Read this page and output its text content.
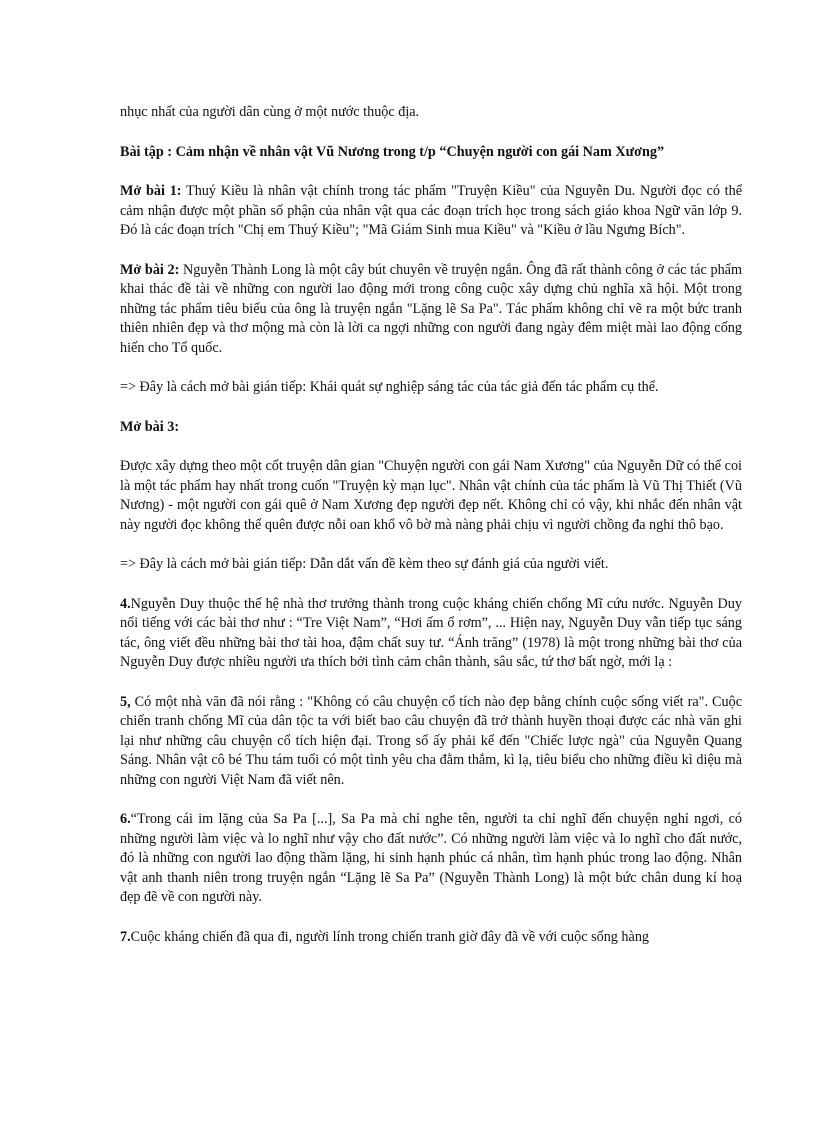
nhục nhất của người dân cùng ở một nước thuộc địa.

Bài tập : Cảm nhận về nhân vật Vũ Nương trong t/p “Chuyện người con gái Nam Xương”

Mở bài 1: Thuý Kiều là nhân vật chính trong tác phẩm "Truyện Kiều" của Nguyễn Du. Người đọc có thể cảm nhận được một phần số phận của nhân vật qua các đoạn trích học trong sách giáo khoa Ngữ văn lớp 9. Đó là các đoạn trích "Chị em Thuý Kiều"; "Mã Giám Sinh mua Kiều" và "Kiều ở lầu Ngưng Bích".

Mở bài 2: Nguyễn Thành Long là một cây bút chuyên về truyện ngắn. Ông đã rất thành công ở các tác phẩm khai thác đề tài về những con người lao động mới trong công cuộc xây dựng chủ nghĩa xã hội. Một trong những tác phẩm tiêu biểu của ông là truyện ngắn "Lặng lẽ Sa Pa". Tác phẩm không chỉ vẽ ra một bức tranh thiên nhiên đẹp và thơ mộng mà còn là lời ca ngợi những con người đang ngày đêm miệt mài lao động cống hiến cho Tổ quốc.

=> Đây là cách mở bài gián tiếp: Khái quát sự nghiệp sáng tác của tác giả đến tác phẩm cụ thể.

Mở bài 3:

Được xây dựng theo một cốt truyện dân gian "Chuyện người con gái Nam Xương" của Nguyễn Dữ có thể coi là một tác phẩm hay nhất trong cuốn "Truyện kỳ mạn lục". Nhân vật chính của tác phẩm là Vũ Thị Thiết (Vũ Nương) - một người con gái quê ở Nam Xương đẹp người đẹp nết. Không chỉ có vậy, khi nhắc đến nhân vật này người đọc không thể quên được nỗi oan khổ vô bờ mà nàng phải chịu vì người chồng đa nghi thô bạo.

=> Đây là cách mở bài gián tiếp: Dẫn dắt vấn đề kèm theo sự đánh giá của người viết.

4.Nguyễn Duy thuộc thế hệ nhà thơ trưởng thành trong cuộc kháng chiến chống Mĩ cứu nước. Nguyễn Duy nổi tiếng với các bài thơ như : “Tre Việt Nam”, “Hơi ấm ổ rơm”, ... Hiện nay, Nguyễn Duy vẫn tiếp tục sáng tác, ông viết đều những bài thơ tài hoa, đậm chất suy tư. “Ánh trăng” (1978) là một trong những bài thơ của Nguyễn Duy được nhiều người ưa thích bởi tình cảm chân thành, sâu sắc, tứ thơ bất ngờ, mới lạ :

5, Có một nhà văn đã nói rằng : "Không có câu chuyện cổ tích nào đẹp bằng chính cuộc sống viết ra". Cuộc chiến tranh chống Mĩ của dân tộc ta với biết bao câu chuyện đã trở thành huyền thoại được các nhà văn ghi lại như những câu chuyện cổ tích hiện đại. Trong số ấy phải kể đến "Chiếc lược ngà" của Nguyễn Quang Sáng. Nhân vật cô bé Thu tám tuổi có một tình yêu cha đằm thắm, kì lạ, tiêu biểu cho những điều kì diệu mà những con người Việt Nam đã viết nên.

6.“Trong cái im lặng của Sa Pa [...], Sa Pa mà chỉ nghe tên, người ta chỉ nghĩ đến chuyện nghỉ ngơi, có những người làm việc và lo nghĩ như vậy cho đất nước”. Có những người làm việc và lo nghĩ cho đất nước, đó là những con người lao động thầm lặng, hi sinh hạnh phúc cá nhân, tìm hạnh phúc trong lao động. Nhân vật anh thanh niên trong truyện ngắn “Lặng lẽ Sa Pa” (Nguyễn Thành Long) là một bức chân dung kí hoạ đẹp đẽ về con người này.

7.Cuộc kháng chiến đã qua đi, người lính trong chiến tranh giờ đây đã về với cuộc sống hàng
